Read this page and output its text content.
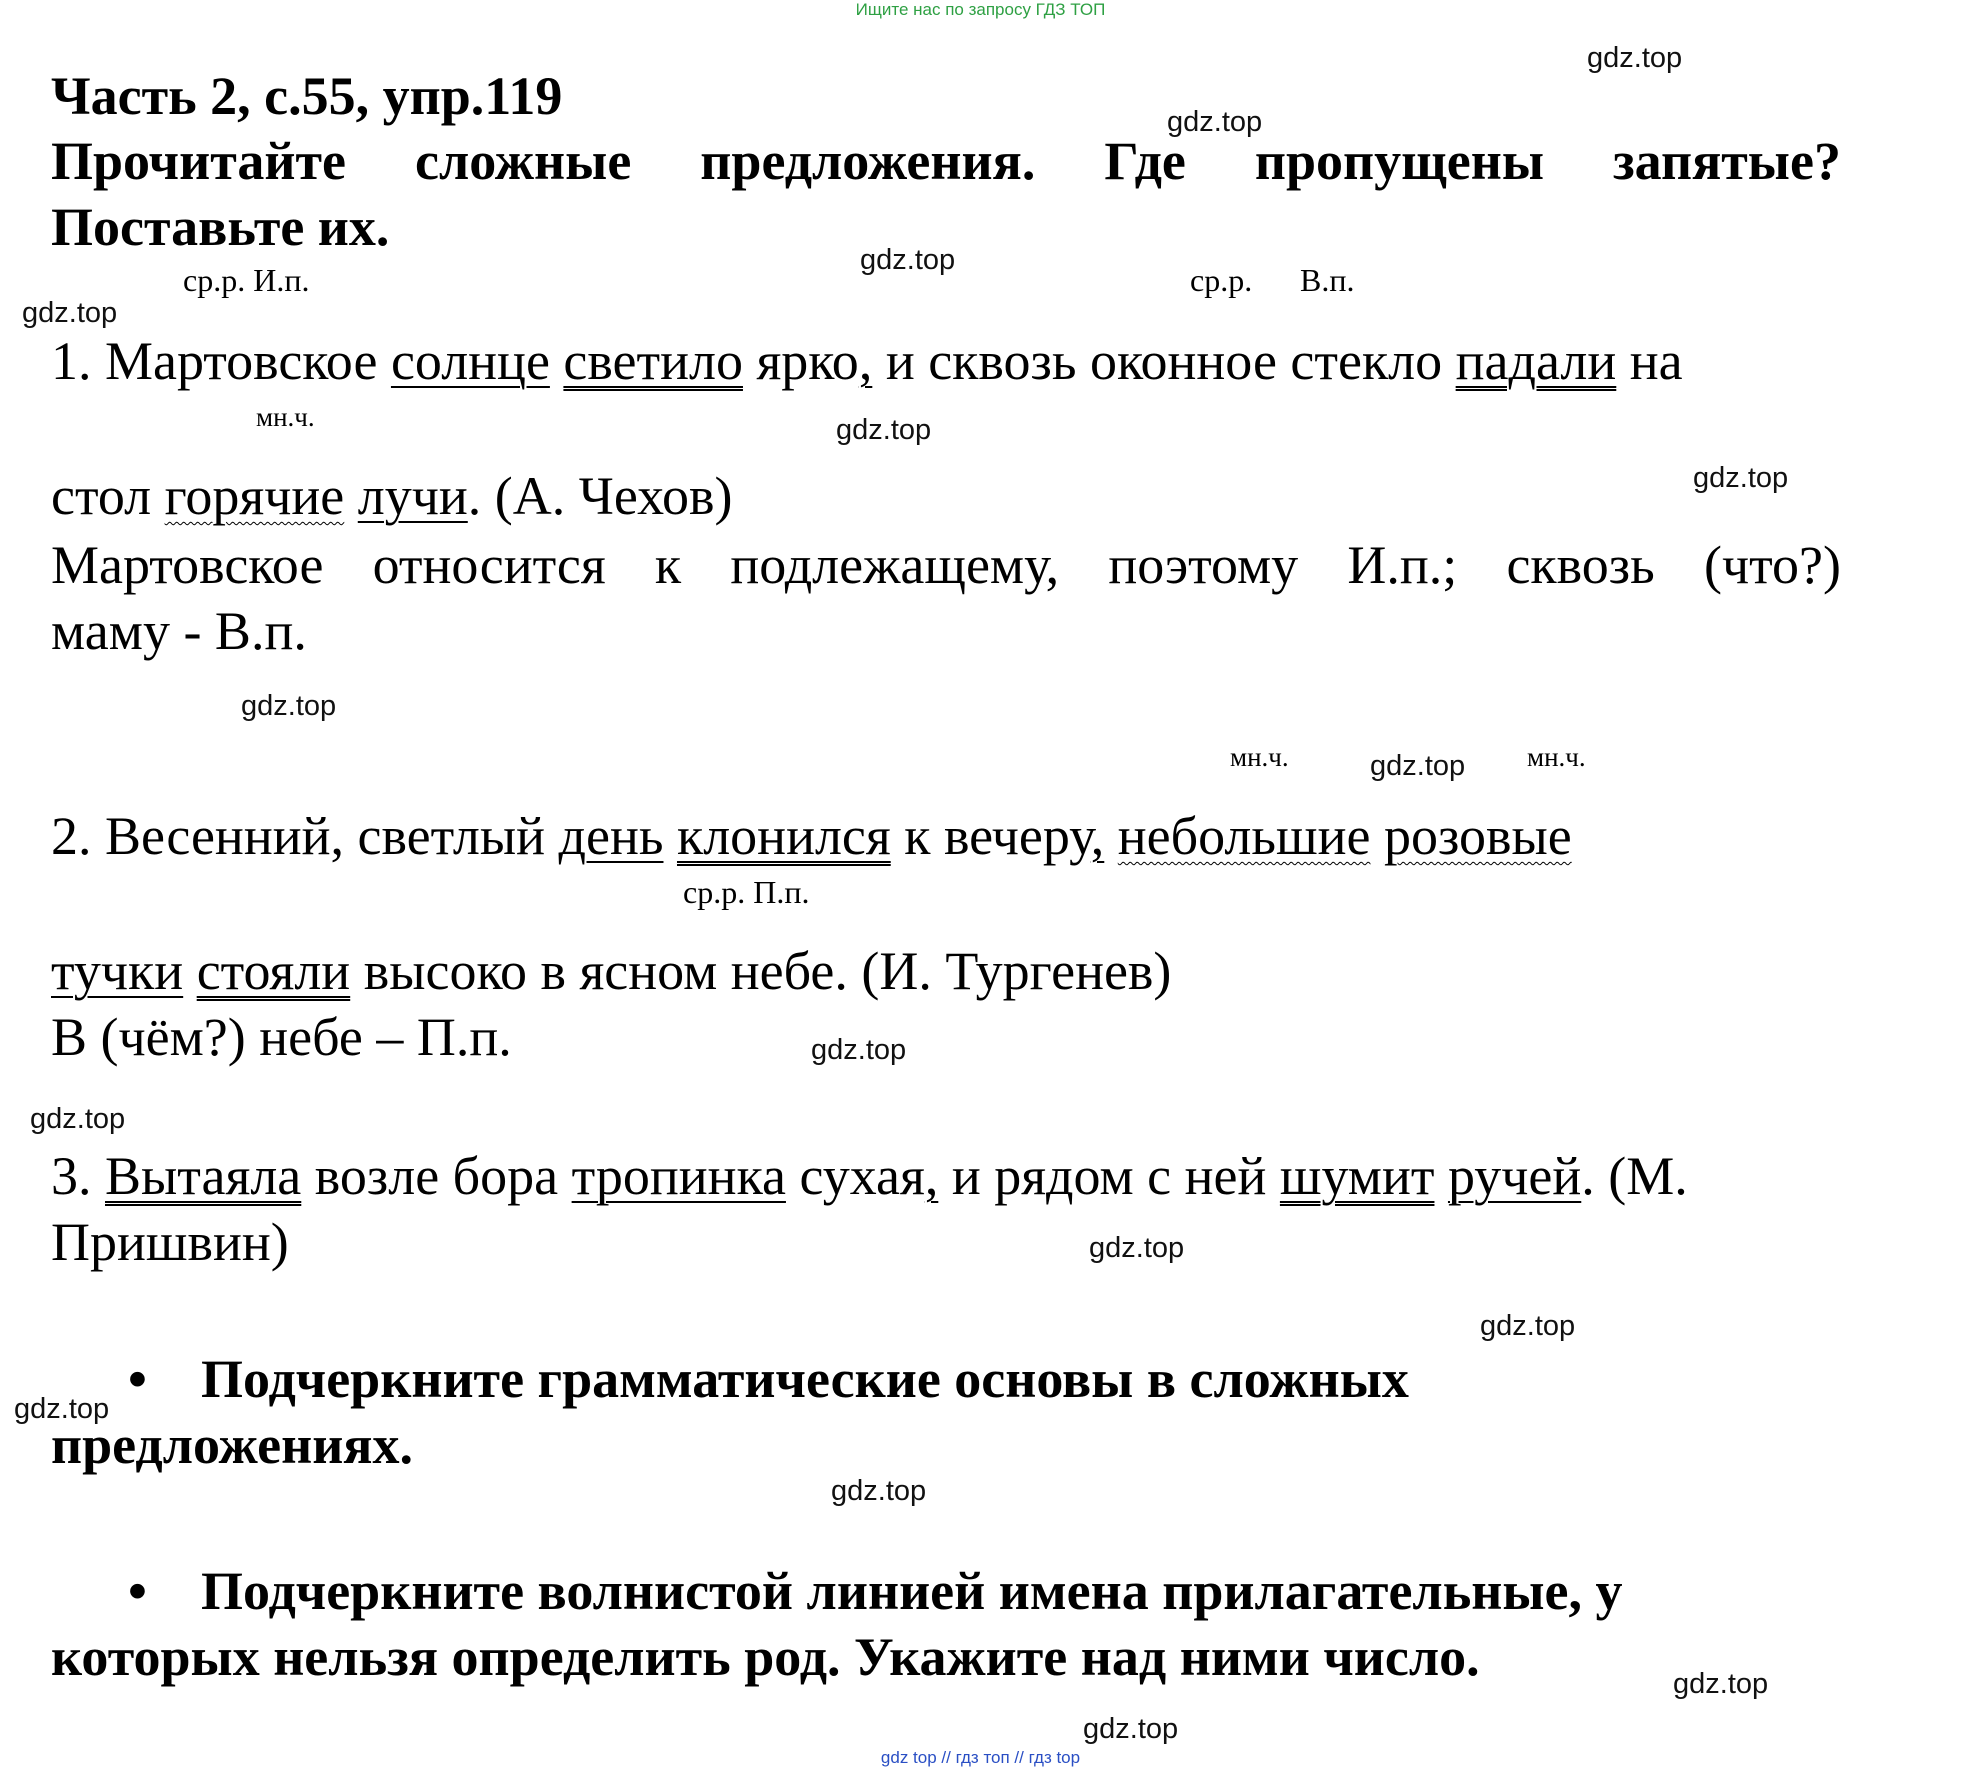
Ищите нас по запросу ГДЗ ТОП
Часть 2, с.55, упр.119
Прочитайте сложные предложения. Где пропущены запятые?
Поставьте их.
ср.р. И.п.	ср.р. В.п.
мн.ч.
1. Мартовское солнце светило ярко, и сквозь оконное стекло падали на
стол горячие лучи. (А. Чехов)
Мартовское относится к подлежащему, поэтому И.п.; сквозь (что?)
маму - В.п.
мн.ч.	мн.ч.
ср.р. П.п.
2. Весенний, светлый день клонился к вечеру, небольшие розовые
тучки стояли высоко в ясном небе. (И. Тургенев)
В (чём?) небе – П.п.
3. Вытаяла возле бора тропинка сухая, и рядом с ней шумит ручей. (М.
Пришвин)
• Подчеркните грамматические основы в сложных
предложениях.
• Подчеркните волнистой линией имена прилагательные, у
которых нельзя определить род. Укажите над ними число.
gdz.top
gdz.top
gdz.top
gdz.top
gdz.top
gdz.top
gdz.top
gdz.top
gdz.top
gdz.top
gdz.top
gdz.top
gdz.top
gdz.top
gdz.top
gdz.top
gdz top // гдз топ // гдз top
